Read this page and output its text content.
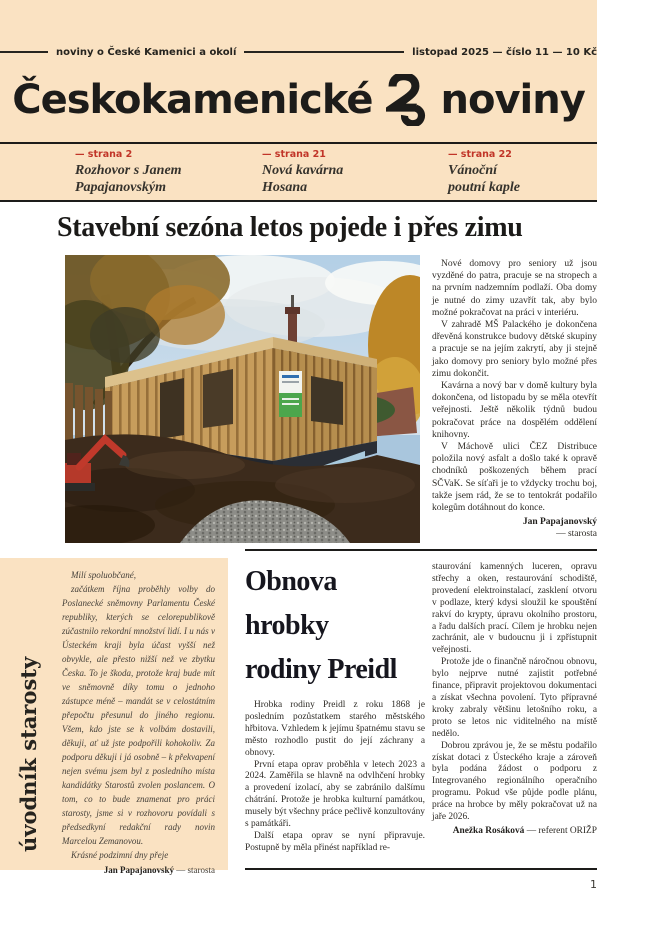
noviny o České Kamenici a okolí	listopad 2025 — číslo 11 — 10 Kč
Českokamenické noviny
— strana 2
Rozhovor s Janem
Papajanovským
— strana 21
Nová kavárna
Hosana
— strana 22
Vánoční
poutní kaple
Stavební sezóna letos pojede i přes zimu

Nové domovy pro seniory už jsou vyzděné do patra, pracuje se na stropech a na prvním nadzemním podlaží. Oba domy je nutné do zimy uzavřít tak, aby bylo možné pokračovat na práci v interiéru.

V zahradě MŠ Palackého je dokončena dřevěná konstrukce budovy dětské skupiny a pracuje se na jejím zakrytí, aby ji stejně jako domovy pro seniory bylo možné přes zimu dokončit.

Kavárna a nový bar v domě kultury byla dokončena, od listopadu by se měla otevřít veřejnosti. Ještě několik týdnů budou pokračovat práce na dospělém oddělení knihovny.

V Máchově ulici ČEZ Distribuce položila nový asfalt a došlo také k opravě chodníků poškozených během prací SČVaK. Se síťaři je to vždycky trochu boj, takže jsem rád, že se to tentokrát podařilo kolegům dotáhnout do konce.

Jan Papajanovský
— starosta
úvodník starosty

Milí spoluobčané,

začátkem října proběhly volby do Poslanecké sněmovny Parlamentu České republiky, kterých se celorepublikově zúčastnilo rekordní množství lidí. I u nás v Ústeckém kraji byla účast vyšší než obvykle, ale přesto nižší než ve zbytku Česka. To je škoda, protože kraj bude mít ve sněmovně díky tomu o jednoho zástupce méně – mandát se v celostátním přepočtu přesunul do jiného regionu. Všem, kdo jste se k volbám dostavili, děkuji, ať už jste podpořili kohokoliv. Za podporu děkuji i já osobně – k překvapení nejen svému jsem byl z posledního místa kandidátky Starostů zvolen poslancem. O tom, co to bude znamenat pro práci starosty, jsme si v rozhovoru povídali s předsedkyní redakční rady novin Marcelou Zemanovou.

Krásné podzimní dny přeje

Jan Papajanovský — starosta
Obnova
hrobky
rodiny Preidl

Hrobka rodiny Preidl z roku 1868 je posledním pozůstatkem starého městského hřbitova. Vzhledem k jejímu špatnému stavu se město rozhodlo pustit do její záchrany a obnovy.

První etapa oprav proběhla v letech 2023 a 2024. Zaměřila se hlavně na odvlhčení hrobky a provedení izolací, aby se zabránilo dalšímu chátrání. Protože je hrobka kulturní památkou, musely být všechny práce pečlivě konzultovány s památkáři.

Další etapa oprav se nyní připravuje. Postupně by měla přinést například re-

staurování kamenných luceren, opravu střechy a oken, restaurování schodiště, provedení elektroinstalací, zasklení otvoru v podlaze, který kdysi sloužil ke spouštění rakví do krypty, úpravu okolního prostoru, a řadu dalších prací. Cílem je hrobku nejen zachránit, ale v budoucnu ji i zpřístupnit veřejnosti.

Protože jde o finančně náročnou obnovu, bylo nejprve nutné zajistit potřebné finance, připravit projektovou dokumentaci a získat všechna povolení. Tyto přípravné kroky zabraly většinu letošního roku, a proto se letos nic viditelného na místě nedělo.

Dobrou zprávou je, že se městu podařilo získat dotaci z Ústeckého kraje a zároveň byla podána žádost o podporu z Integrovaného regionálního operačního programu. Pokud vše půjde podle plánu, práce na hrobce by měly pokračovat už na jaře 2026.

Anežka Rosáková — referent ORIŽP
1
